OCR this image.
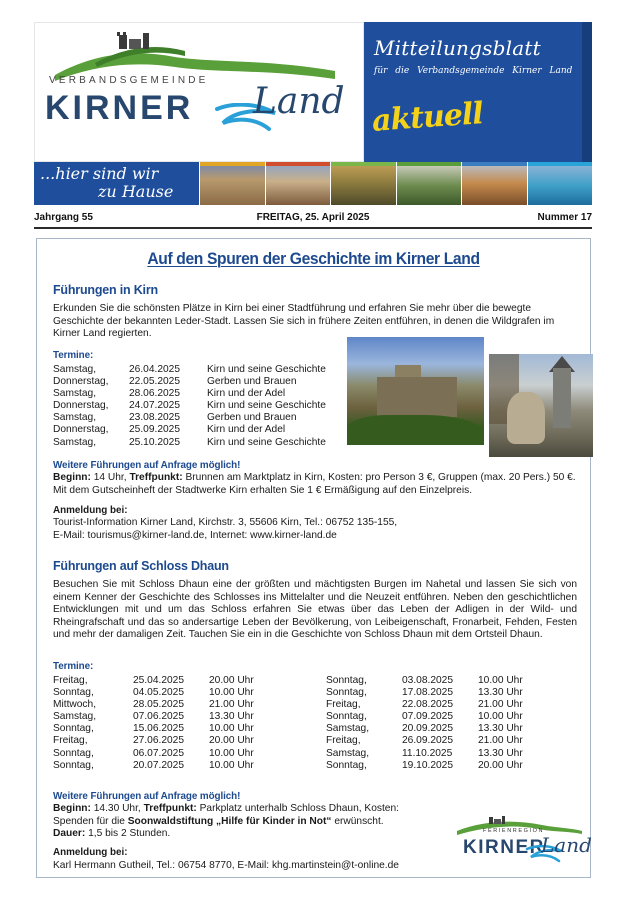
VERBANDSGEMEINDE
KIRNER Land
Mitteilungsblatt
für die Verbandsgemeinde Kirner Land
aktuell
...hier sind wir
zu Hause
Jahrgang 55	FREITAG, 25. April 2025	Nummer 17
Auf den Spuren der Geschichte im Kirner Land
Führungen in Kirn
Erkunden Sie die schönsten Plätze in Kirn bei einer Stadtführung und erfahren Sie mehr über die bewegte Geschichte der bekannten Leder-Stadt. Lassen Sie sich in frühere Zeiten entführen, in denen die Wildgrafen im Kirner Land regierten.
Termine:
Samstag,	26.04.2025	Kirn und seine Geschichte
Donnerstag,	22.05.2025	Gerben und Brauen
Samstag,	28.06.2025	Kirn und der Adel
Donnerstag,	24.07.2025	Kirn und seine Geschichte
Samstag,	23.08.2025	Gerben und Brauen
Donnerstag,	25.09.2025	Kirn und der Adel
Samstag,	25.10.2025	Kirn und seine Geschichte
Weitere Führungen auf Anfrage möglich!
Beginn: 14 Uhr, Treffpunkt: Brunnen am Marktplatz in Kirn, Kosten: pro Person 3 €, Gruppen (max. 20 Pers.) 50 €. Mit dem Gutscheinheft der Stadtwerke Kirn erhalten Sie 1 € Ermäßigung auf den Einzelpreis.
Anmeldung bei:
Tourist-Information Kirner Land, Kirchstr. 3, 55606 Kirn, Tel.: 06752 135-155,
E-Mail: tourismus@kirner-land.de, Internet: www.kirner-land.de
Führungen auf Schloss Dhaun
Besuchen Sie mit Schloss Dhaun eine der größten und mächtigsten Burgen im Nahetal und lassen Sie sich von einem Kenner der Geschichte des Schlosses ins Mittelalter und die Neuzeit entführen. Neben den geschichtlichen Entwicklungen mit und um das Schloss erfahren Sie etwas über das Leben der Adligen in der Wild- und Rheingrafschaft und das so andersartige Leben der Bevölkerung, von Leibeigenschaft, Fronarbeit, Fehden, Festen und mehr der damaligen Zeit. Tauchen Sie ein in die Geschichte von Schloss Dhaun mit dem Ortsteil Dhaun.
Termine:
Freitag,	25.04.2025	20.00 Uhr
Sonntag,	04.05.2025	10.00 Uhr
Mittwoch,	28.05.2025	21.00 Uhr
Samstag,	07.06.2025	13.30 Uhr
Sonntag,	15.06.2025	10.00 Uhr
Freitag,	27.06.2025	20.00 Uhr
Sonntag,	06.07.2025	10.00 Uhr
Sonntag,	20.07.2025	10.00 Uhr
Sonntag,	03.08.2025	10.00 Uhr
Sonntag,	17.08.2025	13.30 Uhr
Freitag,	22.08.2025	21.00 Uhr
Sonntag,	07.09.2025	10.00 Uhr
Samstag,	20.09.2025	13.30 Uhr
Freitag,	26.09.2025	21.00 Uhr
Samstag,	11.10.2025	13.30 Uhr
Sonntag,	19.10.2025	20.00 Uhr
Weitere Führungen auf Anfrage möglich!
Beginn: 14.30 Uhr, Treffpunkt: Parkplatz unterhalb Schloss Dhaun, Kosten:
Spenden für die Soonwaldstiftung „Hilfe für Kinder in Not“ erwünscht.
Dauer: 1,5 bis 2 Stunden.
Anmeldung bei:
Karl Hermann Gutheil, Tel.: 06754 8770, E-Mail: khg.martinstein@t-online.de
FERIENREGION
KIRNER
Land
